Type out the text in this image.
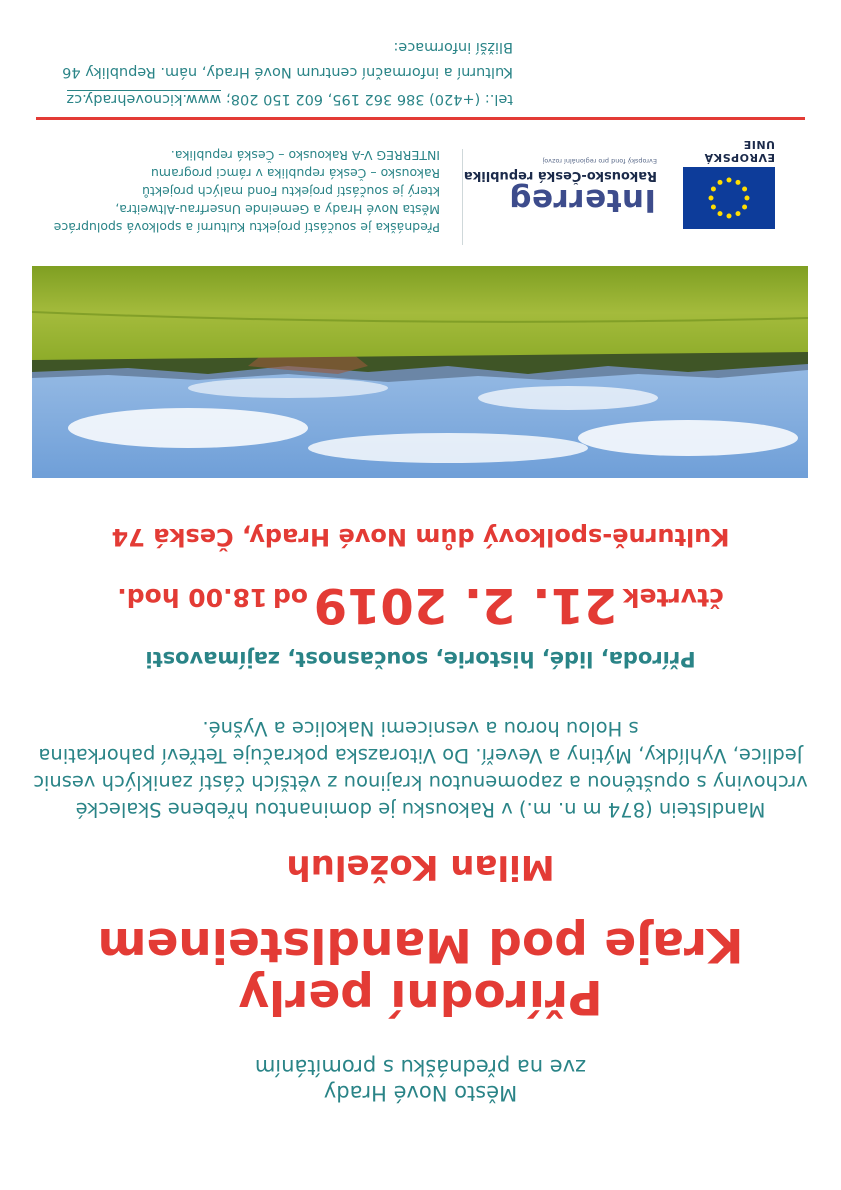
Město Nové Hrady
zve na přednášku s promítáním
Přírodní perly
Kraje pod Mandlsteinem
Milan Koželuh
Mandlstein (874 m n. m.) v Rakousku je dominantou hřebene Skalecké
vrchoviny s opuštěnou a zapomenutou krajinou z větších částí zaniklých vesnic
Jedlice, Vyhlídky, Mýtiny a Veveří. Do Vitorazska pokračuje Tetřeví pahorkatina
s Holou horou a vesnicemi Nakolice a Vyšné.
Příroda, lidé, historie, současnost, zajímavosti
čtvrtek 21. 2. 2019 od 18.00 hod.
Kulturně-spolkový dům Nové Hrady, Česká 74
Přednáška je součástí projektu Kulturní a spolková spolupráce
Města Nové Hrady a Gemeinde Unserfrau-Altweitra,
který je součástí projektu Fond malých projektů
Rakousko – Česká republika v rámci programu
INTERREG V-A Rakousko – Česká republika.	EVROPSKÁ UNIE
Interreg
Rakousko-Česká republika
Evropský fond pro regionální rozvoj
tel.: (+420) 386 362 195, 602 150 208; www.kicnovehrady.cz
Kulturní a informační centrum Nové Hrady, nám. Republiky 46
Bližší informace:
